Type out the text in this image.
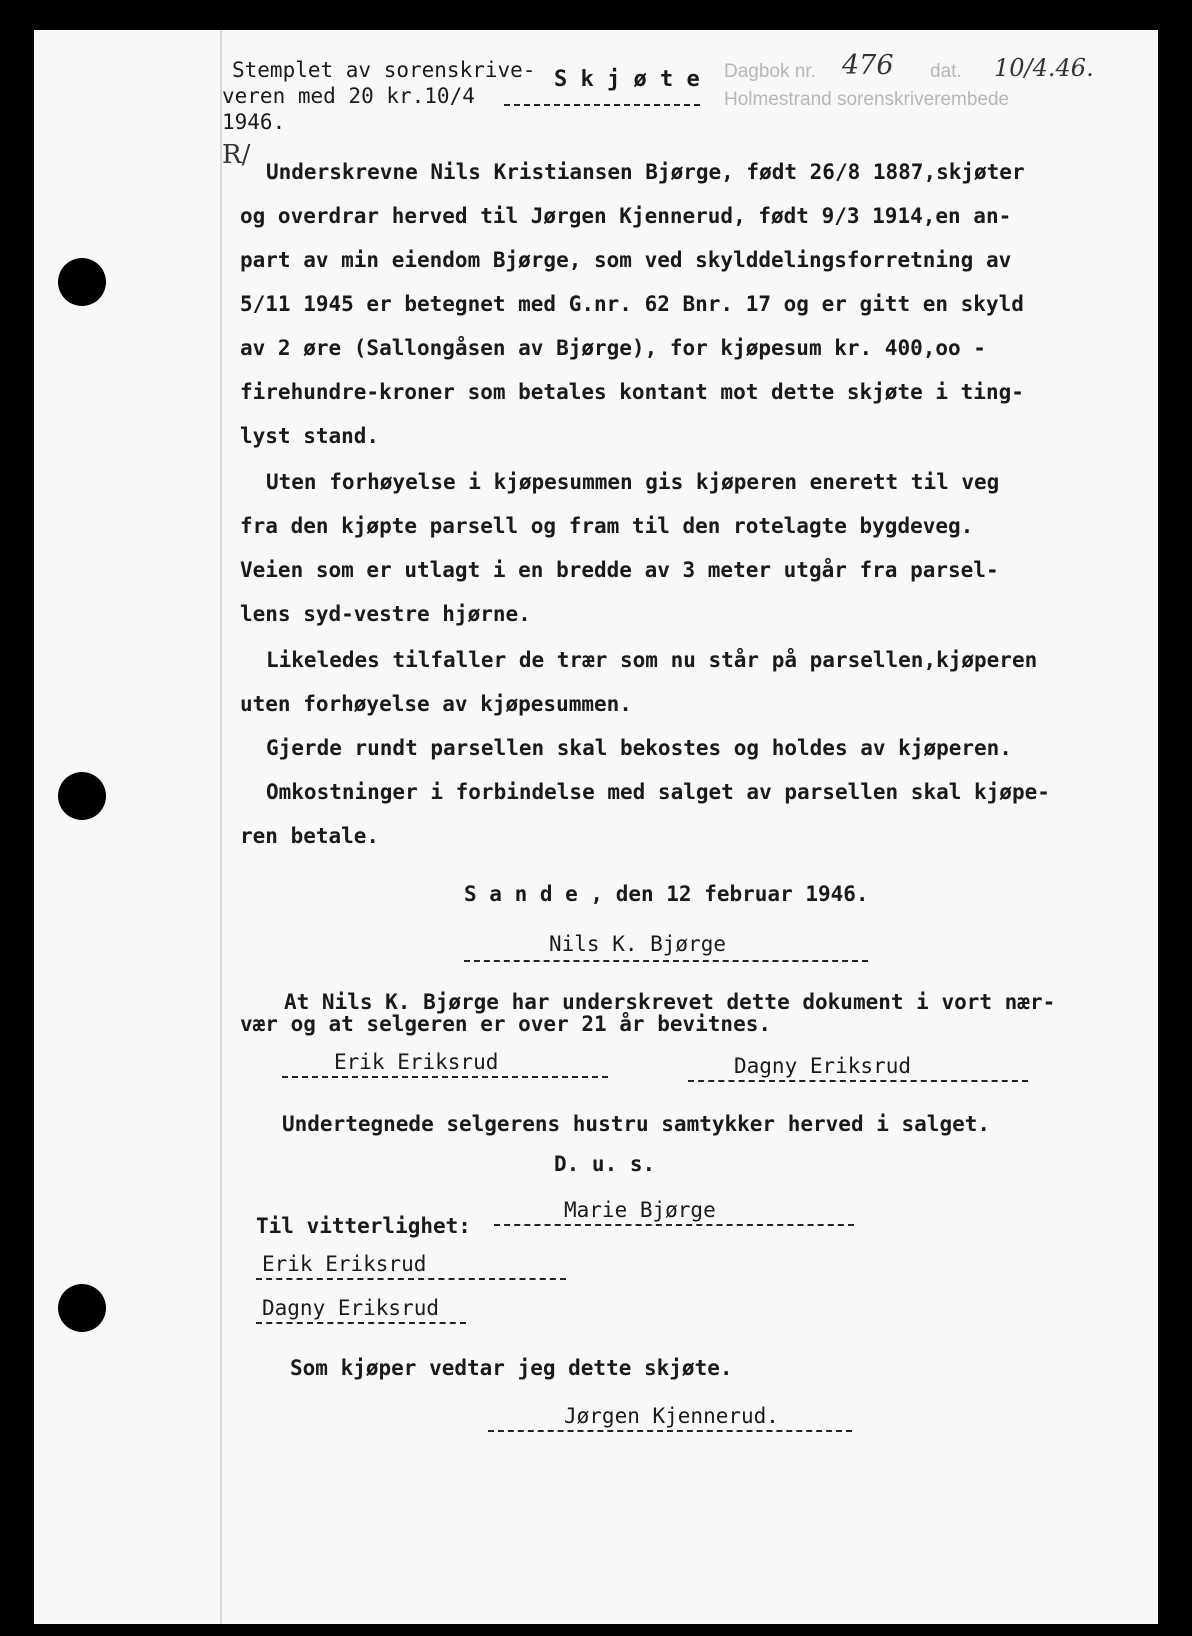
Stemplet av sorenskrive-
veren med 20 kr.10/4
1946.
S k j ø t e Dagbok nr. 476 dat. 10/4.46.
Holmestrand sorenskriverembede
R/
Underskrevne Nils Kristiansen Bjørge, født 26/8 1887,skjøter
og overdrar herved til Jørgen Kjennerud, født 9/3 1914,en an-
part av min eiendom Bjørge, som ved skylddelingsforretning av
5/11 1945 er betegnet med G.nr. 62 Bnr. 17 og er gitt en skyld
av 2 øre (Sallongåsen av Bjørge), for kjøpesum kr. 400,oo -
firehundre-kroner som betales kontant mot dette skjøte i ting-
lyst stand.
Uten forhøyelse i kjøpesummen gis kjøperen enerett til veg
fra den kjøpte parsell og fram til den rotelagte bygdeveg.
Veien som er utlagt i en bredde av 3 meter utgår fra parsel-
lens syd-vestre hjørne.
Likeledes tilfaller de trær som nu står på parsellen,kjøperen
uten forhøyelse av kjøpesummen.
Gjerde rundt parsellen skal bekostes og holdes av kjøperen.
Omkostninger i forbindelse med salget av parsellen skal kjøpe-
ren betale.
S a n d e , den 12 februar 1946.
Nils K. Bjørge
At Nils K. Bjørge har underskrevet dette dokument i vort nær-
vær og at selgeren er over 21 år bevitnes.
Erik Eriksrud	Dagny Eriksrud
Undertegnede selgerens hustru samtykker herved i salget.
D. u. s.
Marie Bjørge
Til vitterlighet:
Erik Eriksrud
Dagny Eriksrud
Som kjøper vedtar jeg dette skjøte.
Jørgen Kjennerud.
